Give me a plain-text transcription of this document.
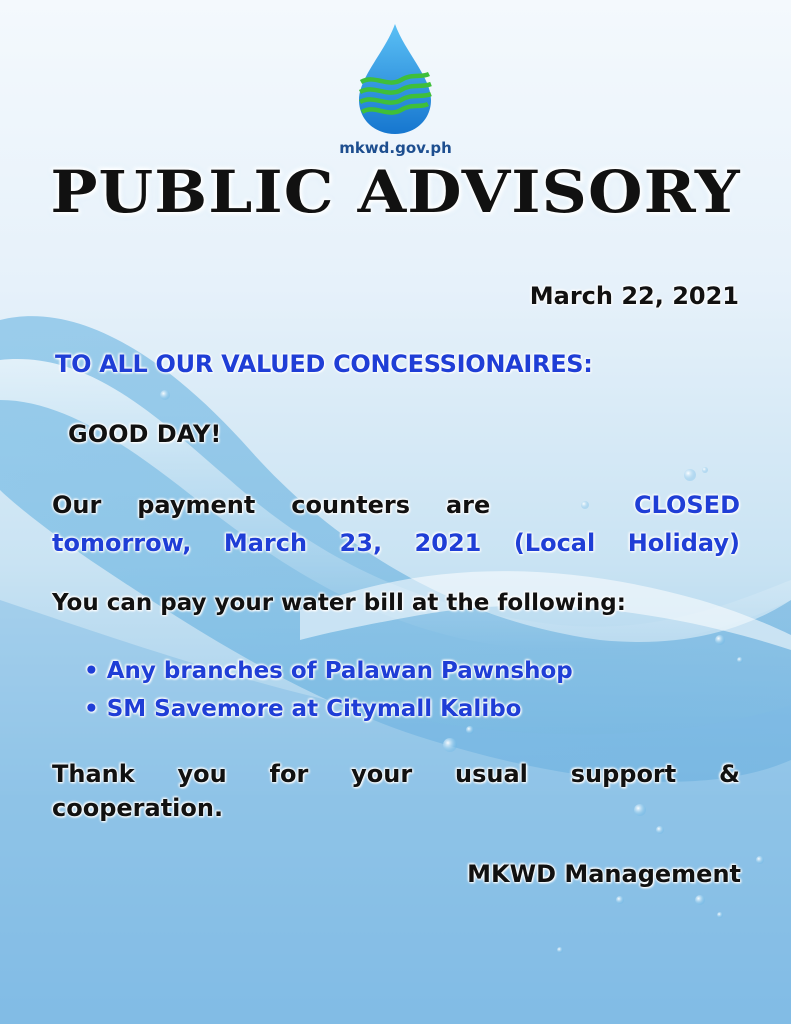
mkwd.gov.ph
PUBLIC ADVISORY
March 22, 2021
TO ALL OUR VALUED CONCESSIONAIRES:
GOOD DAY!
Our payment counters are	CLOSED
tomorrow, March 23, 2021 (Local Holiday)
You can pay your water bill at the following:
• Any branches of Palawan Pawnshop
• SM Savemore at Citymall Kalibo
Thank you for your usual support &
cooperation.
MKWD Management
